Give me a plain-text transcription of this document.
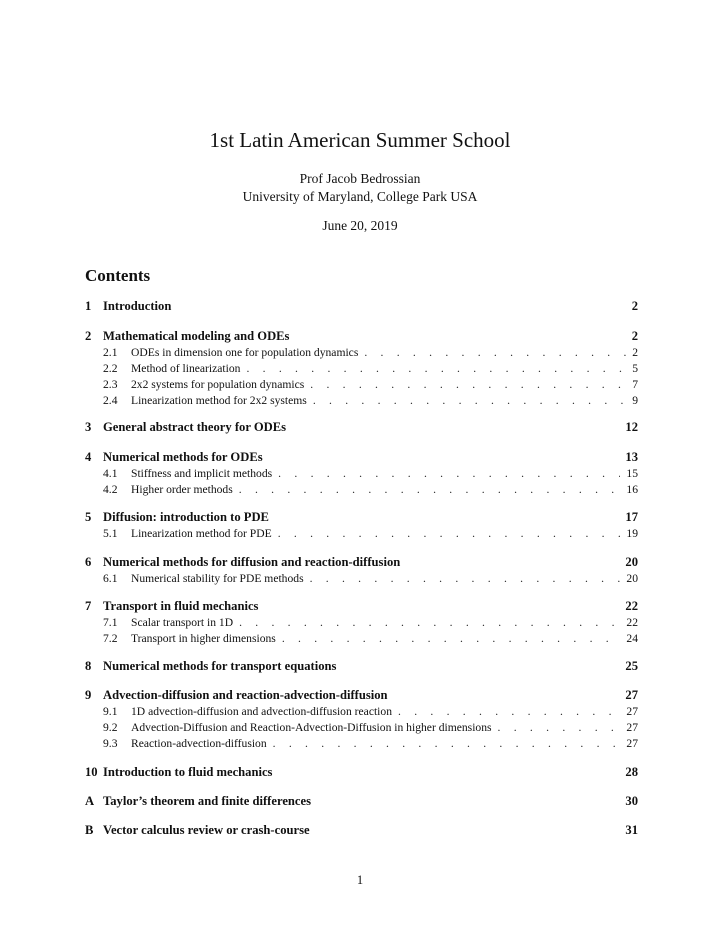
1st Latin American Summer School
Prof Jacob Bedrossian
University of Maryland, College Park USA
June 20, 2019
Contents
1 Introduction	2
2 Mathematical modeling and ODEs	2
2.1	ODEs in dimension one for population dynamics . . .	2
2.2	Method of linearization . . .	5
2.3	2x2 systems for population dynamics . . .	7
2.4	Linearization method for 2x2 systems . . .	9
3 General abstract theory for ODEs	12
4 Numerical methods for ODEs	13
4.1	Stiffness and implicit methods . . .	15
4.2	Higher order methods . . .	16
5 Diffusion: introduction to PDE	17
5.1	Linearization method for PDE . . .	19
6 Numerical methods for diffusion and reaction-diffusion	20
6.1	Numerical stability for PDE methods . . .	20
7 Transport in fluid mechanics	22
7.1	Scalar transport in 1D . . .	22
7.2	Transport in higher dimensions . . .	24
8 Numerical methods for transport equations	25
9 Advection-diffusion and reaction-advection-diffusion	27
9.1	1D advection-diffusion and advection-diffusion reaction . . .	27
9.2	Advection-Diffusion and Reaction-Advection-Diffusion in higher dimensions . . .	27
9.3	Reaction-advection-diffusion . . .	27
10 Introduction to fluid mechanics	28
A Taylor’s theorem and finite differences	30
B Vector calculus review or crash-course	31
1
